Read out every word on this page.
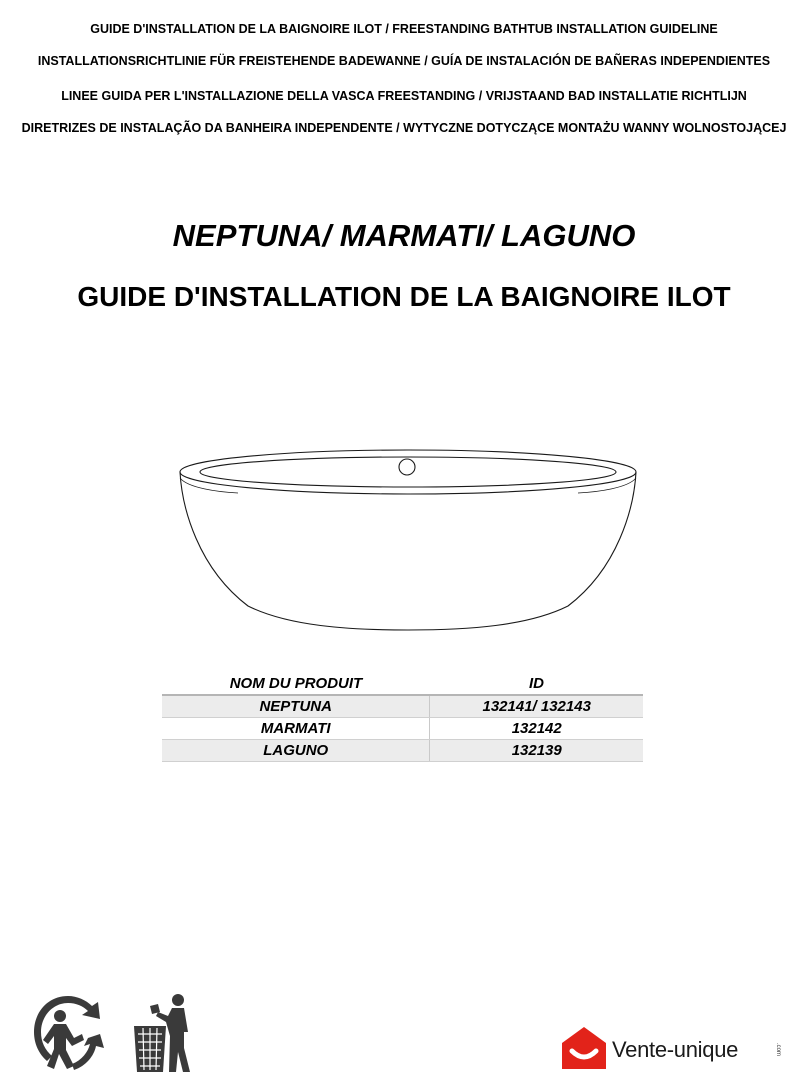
GUIDE D'INSTALLATION DE LA BAIGNOIRE ILOT / FREESTANDING BATHTUB INSTALLATION GUIDELINE
INSTALLATIONSRICHTLINIE FÜR FREISTEHENDE BADEWANNE / GUÍA DE INSTALACIÓN DE BAÑERAS INDEPENDIENTES
LINEE GUIDA PER L'INSTALLAZIONE DELLA VASCA FREESTANDING / VRIJSTAAND BAD INSTALLATIE RICHTLIJN
DIRETRIZES DE INSTALAÇÃO DA BANHEIRA INDEPENDENTE / WYTYCZNE DOTYCZĄCE MONTAŻU WANNY WOLNOSTOJĄCEJ
NEPTUNA/ MARMATI/ LAGUNO
GUIDE D'INSTALLATION DE LA BAIGNOIRE ILOT
NOM DU PRODUIT	ID
NEPTUNA	132141/ 132143
MARMATI	132142
LAGUNO	132139
Vente-unique	.com
